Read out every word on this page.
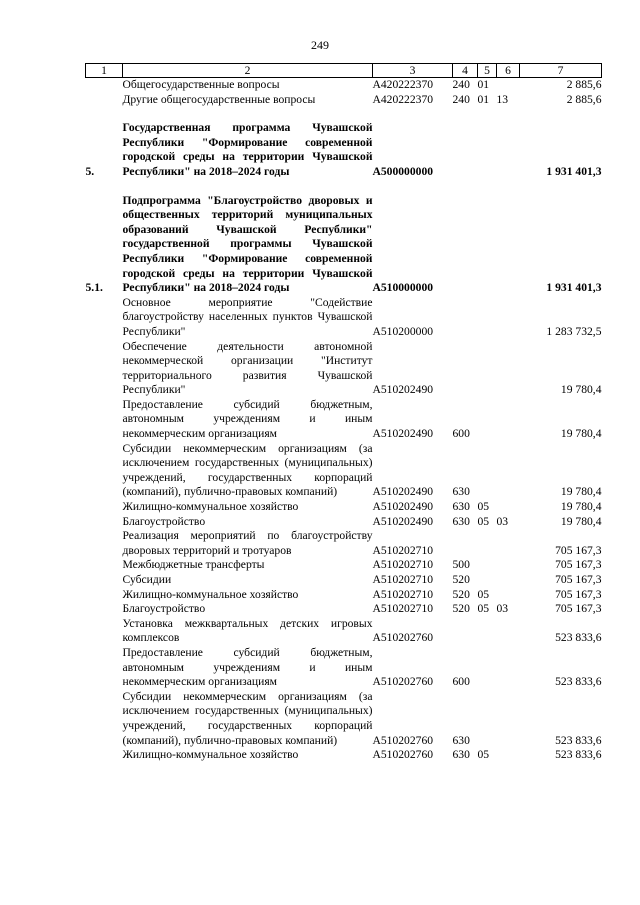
249
1	2	3	4	5	6	7
	Общегосударственные вопросы	А420222370	240	01		2 885,6
	Другие общегосударственные вопросы	А420222370	240	01	13	2 885,6

5.	Государственная программа Чувашской Республики "Формирование современной городской среды на территории Чувашской Республики" на 2018–2024 годы	А500000000				1 931 401,3

5.1.	Подпрограмма "Благоустройство дворовых и общественных территорий муниципальных образований Чувашской Республики" государственной программы Чувашской Республики "Формирование современной городской среды на территории Чувашской Республики" на 2018–2024 годы	А510000000				1 931 401,3
	Основное мероприятие "Содействие благоустройству населенных пунктов Чувашской Республики"	А510200000				1 283 732,5
	Обеспечение деятельности автономной некоммерческой организации "Институт территориального развития Чувашской Республики"	А510202490				19 780,4
	Предоставление субсидий бюджетным, автономным учреждениям и иным некоммерческим организациям	А510202490	600			19 780,4
	Субсидии некоммерческим организациям (за исключением государственных (муниципальных) учреждений, государственных корпораций (компаний), публично-правовых компаний)	А510202490	630			19 780,4
	Жилищно-коммунальное хозяйство	А510202490	630	05		19 780,4
	Благоустройство	А510202490	630	05	03	19 780,4
	Реализация мероприятий по благоустройству дворовых территорий и тротуаров	А510202710				705 167,3
	Межбюджетные трансферты	А510202710	500			705 167,3
	Субсидии	А510202710	520			705 167,3
	Жилищно-коммунальное хозяйство	А510202710	520	05		705 167,3
	Благоустройство	А510202710	520	05	03	705 167,3
	Установка межквартальных детских игровых комплексов	А510202760				523 833,6
	Предоставление субсидий бюджетным, автономным учреждениям и иным некоммерческим организациям	А510202760	600			523 833,6
	Субсидии некоммерческим организациям (за исключением государственных (муниципальных) учреждений, государственных корпораций (компаний), публично-правовых компаний)	А510202760	630			523 833,6
	Жилищно-коммунальное хозяйство	А510202760	630	05		523 833,6
